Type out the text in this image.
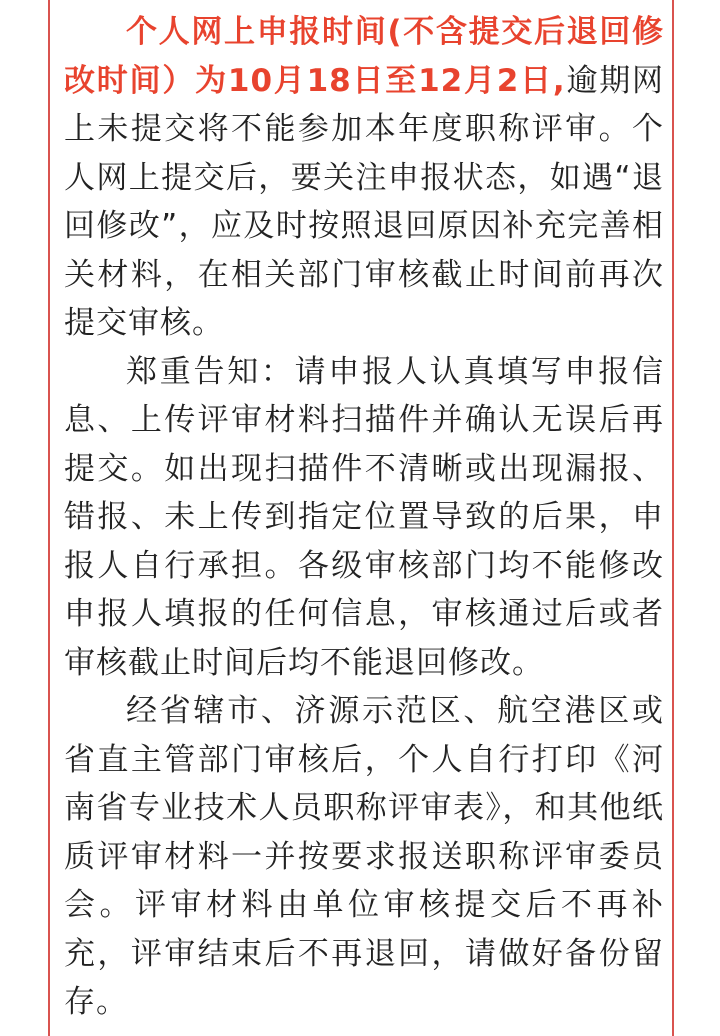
个人网上申报时间(不含提交后退回修改时间）为10月18日至12月2日,逾期网上未提交将不能参加本年度职称评审。个人网上提交后，要关注申报状态，如遇“退回修改”，应及时按照退回原因补充完善相关材料，在相关部门审核截止时间前再次提交审核。

郑重告知：请申报人认真填写申报信息、上传评审材料扫描件并确认无误后再提交。如出现扫描件不清晰或出现漏报、错报、未上传到指定位置导致的后果，申报人自行承担。各级审核部门均不能修改申报人填报的任何信息，审核通过后或者审核截止时间后均不能退回修改。

经省辖市、济源示范区、航空港区或省直主管部门审核后，个人自行打印《河南省专业技术人员职称评审表》，和其他纸质评审材料一并按要求报送职称评审委员会。评审材料由单位审核提交后不再补充，评审结束后不再退回，请做好备份留存。
